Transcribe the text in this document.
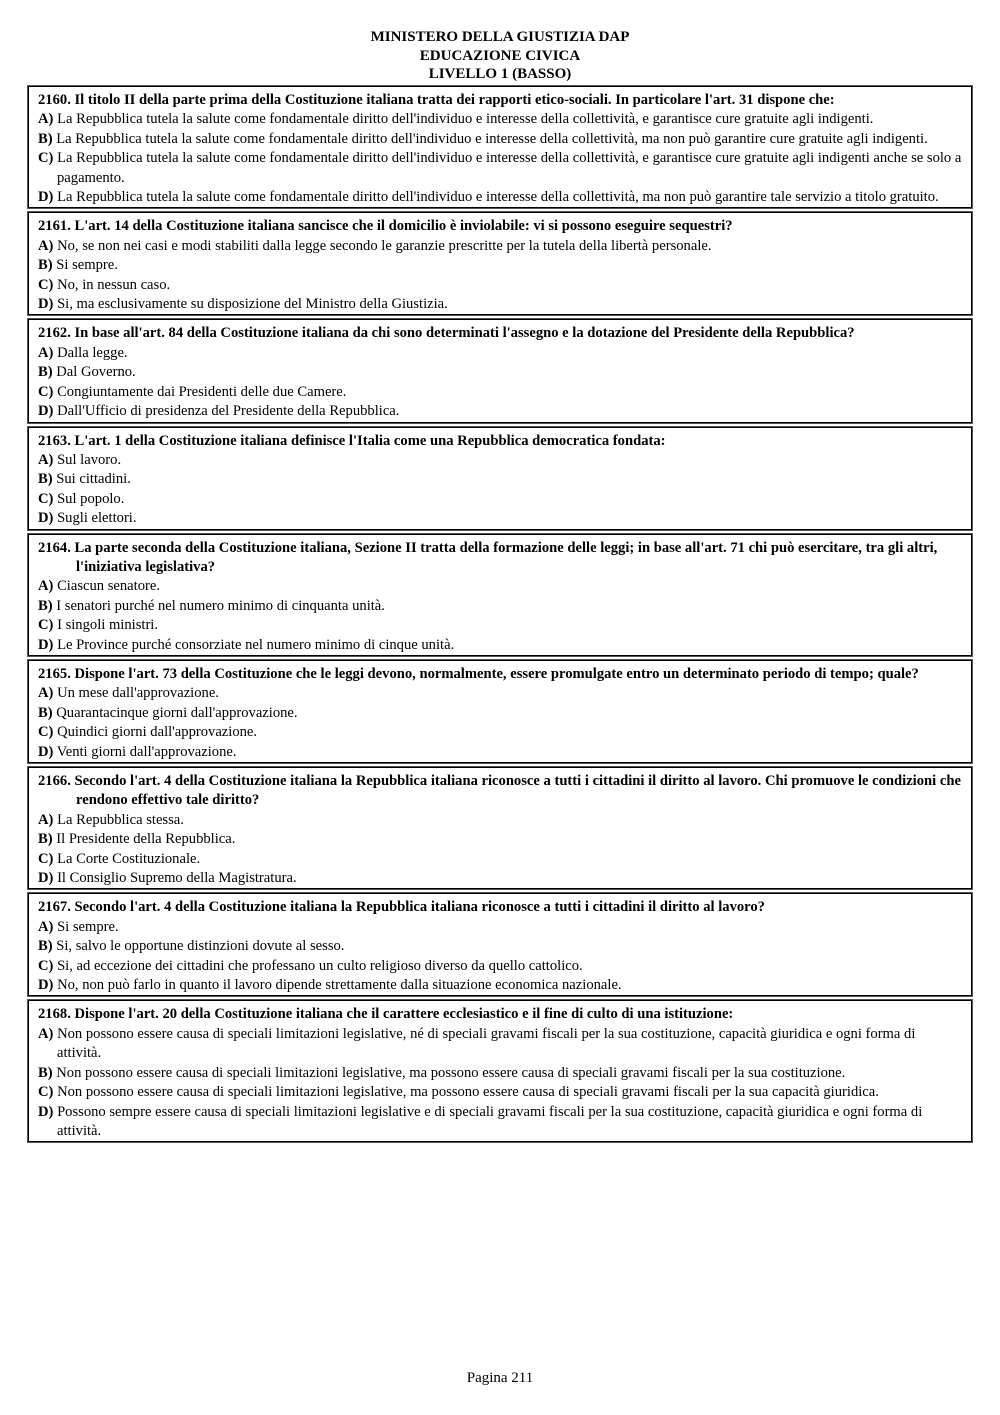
MINISTERO DELLA GIUSTIZIA DAP
EDUCAZIONE CIVICA
LIVELLO 1 (BASSO)
2160. Il titolo II della parte prima della Costituzione italiana tratta dei rapporti etico-sociali. In particolare l'art. 31 dispone che:
A) La Repubblica tutela la salute come fondamentale diritto dell'individuo e interesse della collettività, e garantisce cure gratuite agli indigenti.
B) La Repubblica tutela la salute come fondamentale diritto dell'individuo e interesse della collettività, ma non può garantire cure gratuite agli indigenti.
C) La Repubblica tutela la salute come fondamentale diritto dell'individuo e interesse della collettività, e garantisce cure gratuite agli indigenti anche se solo a pagamento.
D) La Repubblica tutela la salute come fondamentale diritto dell'individuo e interesse della collettività, ma non può garantire tale servizio a titolo gratuito.
2161. L'art. 14 della Costituzione italiana sancisce che il domicilio è inviolabile: vi si possono eseguire sequestri?
A) No, se non nei casi e modi stabiliti dalla legge secondo le garanzie prescritte per la tutela della libertà personale.
B) Si sempre.
C) No, in nessun caso.
D) Si, ma esclusivamente su disposizione del Ministro della Giustizia.
2162. In base all'art. 84 della Costituzione italiana da chi sono determinati l'assegno e la dotazione del Presidente della Repubblica?
A) Dalla legge.
B) Dal Governo.
C) Congiuntamente dai Presidenti delle due Camere.
D) Dall'Ufficio di presidenza del Presidente della Repubblica.
2163. L'art. 1 della Costituzione italiana definisce l'Italia come una Repubblica democratica fondata:
A) Sul lavoro.
B) Sui cittadini.
C) Sul popolo.
D) Sugli elettori.
2164. La parte seconda della Costituzione italiana, Sezione II tratta della formazione delle leggi; in base all'art. 71 chi può esercitare, tra gli altri, l'iniziativa legislativa?
A) Ciascun senatore.
B) I senatori purché nel numero minimo di cinquanta unità.
C) I singoli ministri.
D) Le Province purché consorziate nel numero minimo di cinque unità.
2165. Dispone l'art. 73 della Costituzione che le leggi devono, normalmente, essere promulgate entro un determinato periodo di tempo; quale?
A) Un mese dall'approvazione.
B) Quarantacinque giorni dall'approvazione.
C) Quindici giorni dall'approvazione.
D) Venti giorni dall'approvazione.
2166. Secondo l'art. 4 della Costituzione italiana la Repubblica italiana riconosce a tutti i cittadini il diritto al lavoro. Chi promuove le condizioni che rendono effettivo tale diritto?
A) La Repubblica stessa.
B) Il Presidente della Repubblica.
C) La Corte Costituzionale.
D) Il Consiglio Supremo della Magistratura.
2167. Secondo l'art. 4 della Costituzione italiana la Repubblica italiana riconosce a tutti i cittadini il diritto al lavoro?
A) Si sempre.
B) Si, salvo le opportune distinzioni dovute al sesso.
C) Si, ad eccezione dei cittadini che professano un culto religioso diverso da quello cattolico.
D) No, non può farlo in quanto il lavoro dipende strettamente dalla situazione economica nazionale.
2168. Dispone l'art. 20 della Costituzione italiana che il carattere ecclesiastico e il fine di culto di una istituzione:
A) Non possono essere causa di speciali limitazioni legislative, né di speciali gravami fiscali per la sua costituzione, capacità giuridica e ogni forma di attività.
B) Non possono essere causa di speciali limitazioni legislative, ma possono essere causa di speciali gravami fiscali per la sua costituzione.
C) Non possono essere causa di speciali limitazioni legislative, ma possono essere causa di speciali gravami fiscali per la sua capacità giuridica.
D) Possono sempre essere causa di speciali limitazioni legislative e di speciali gravami fiscali per la sua costituzione, capacità giuridica e ogni forma di attività.
Pagina 211
